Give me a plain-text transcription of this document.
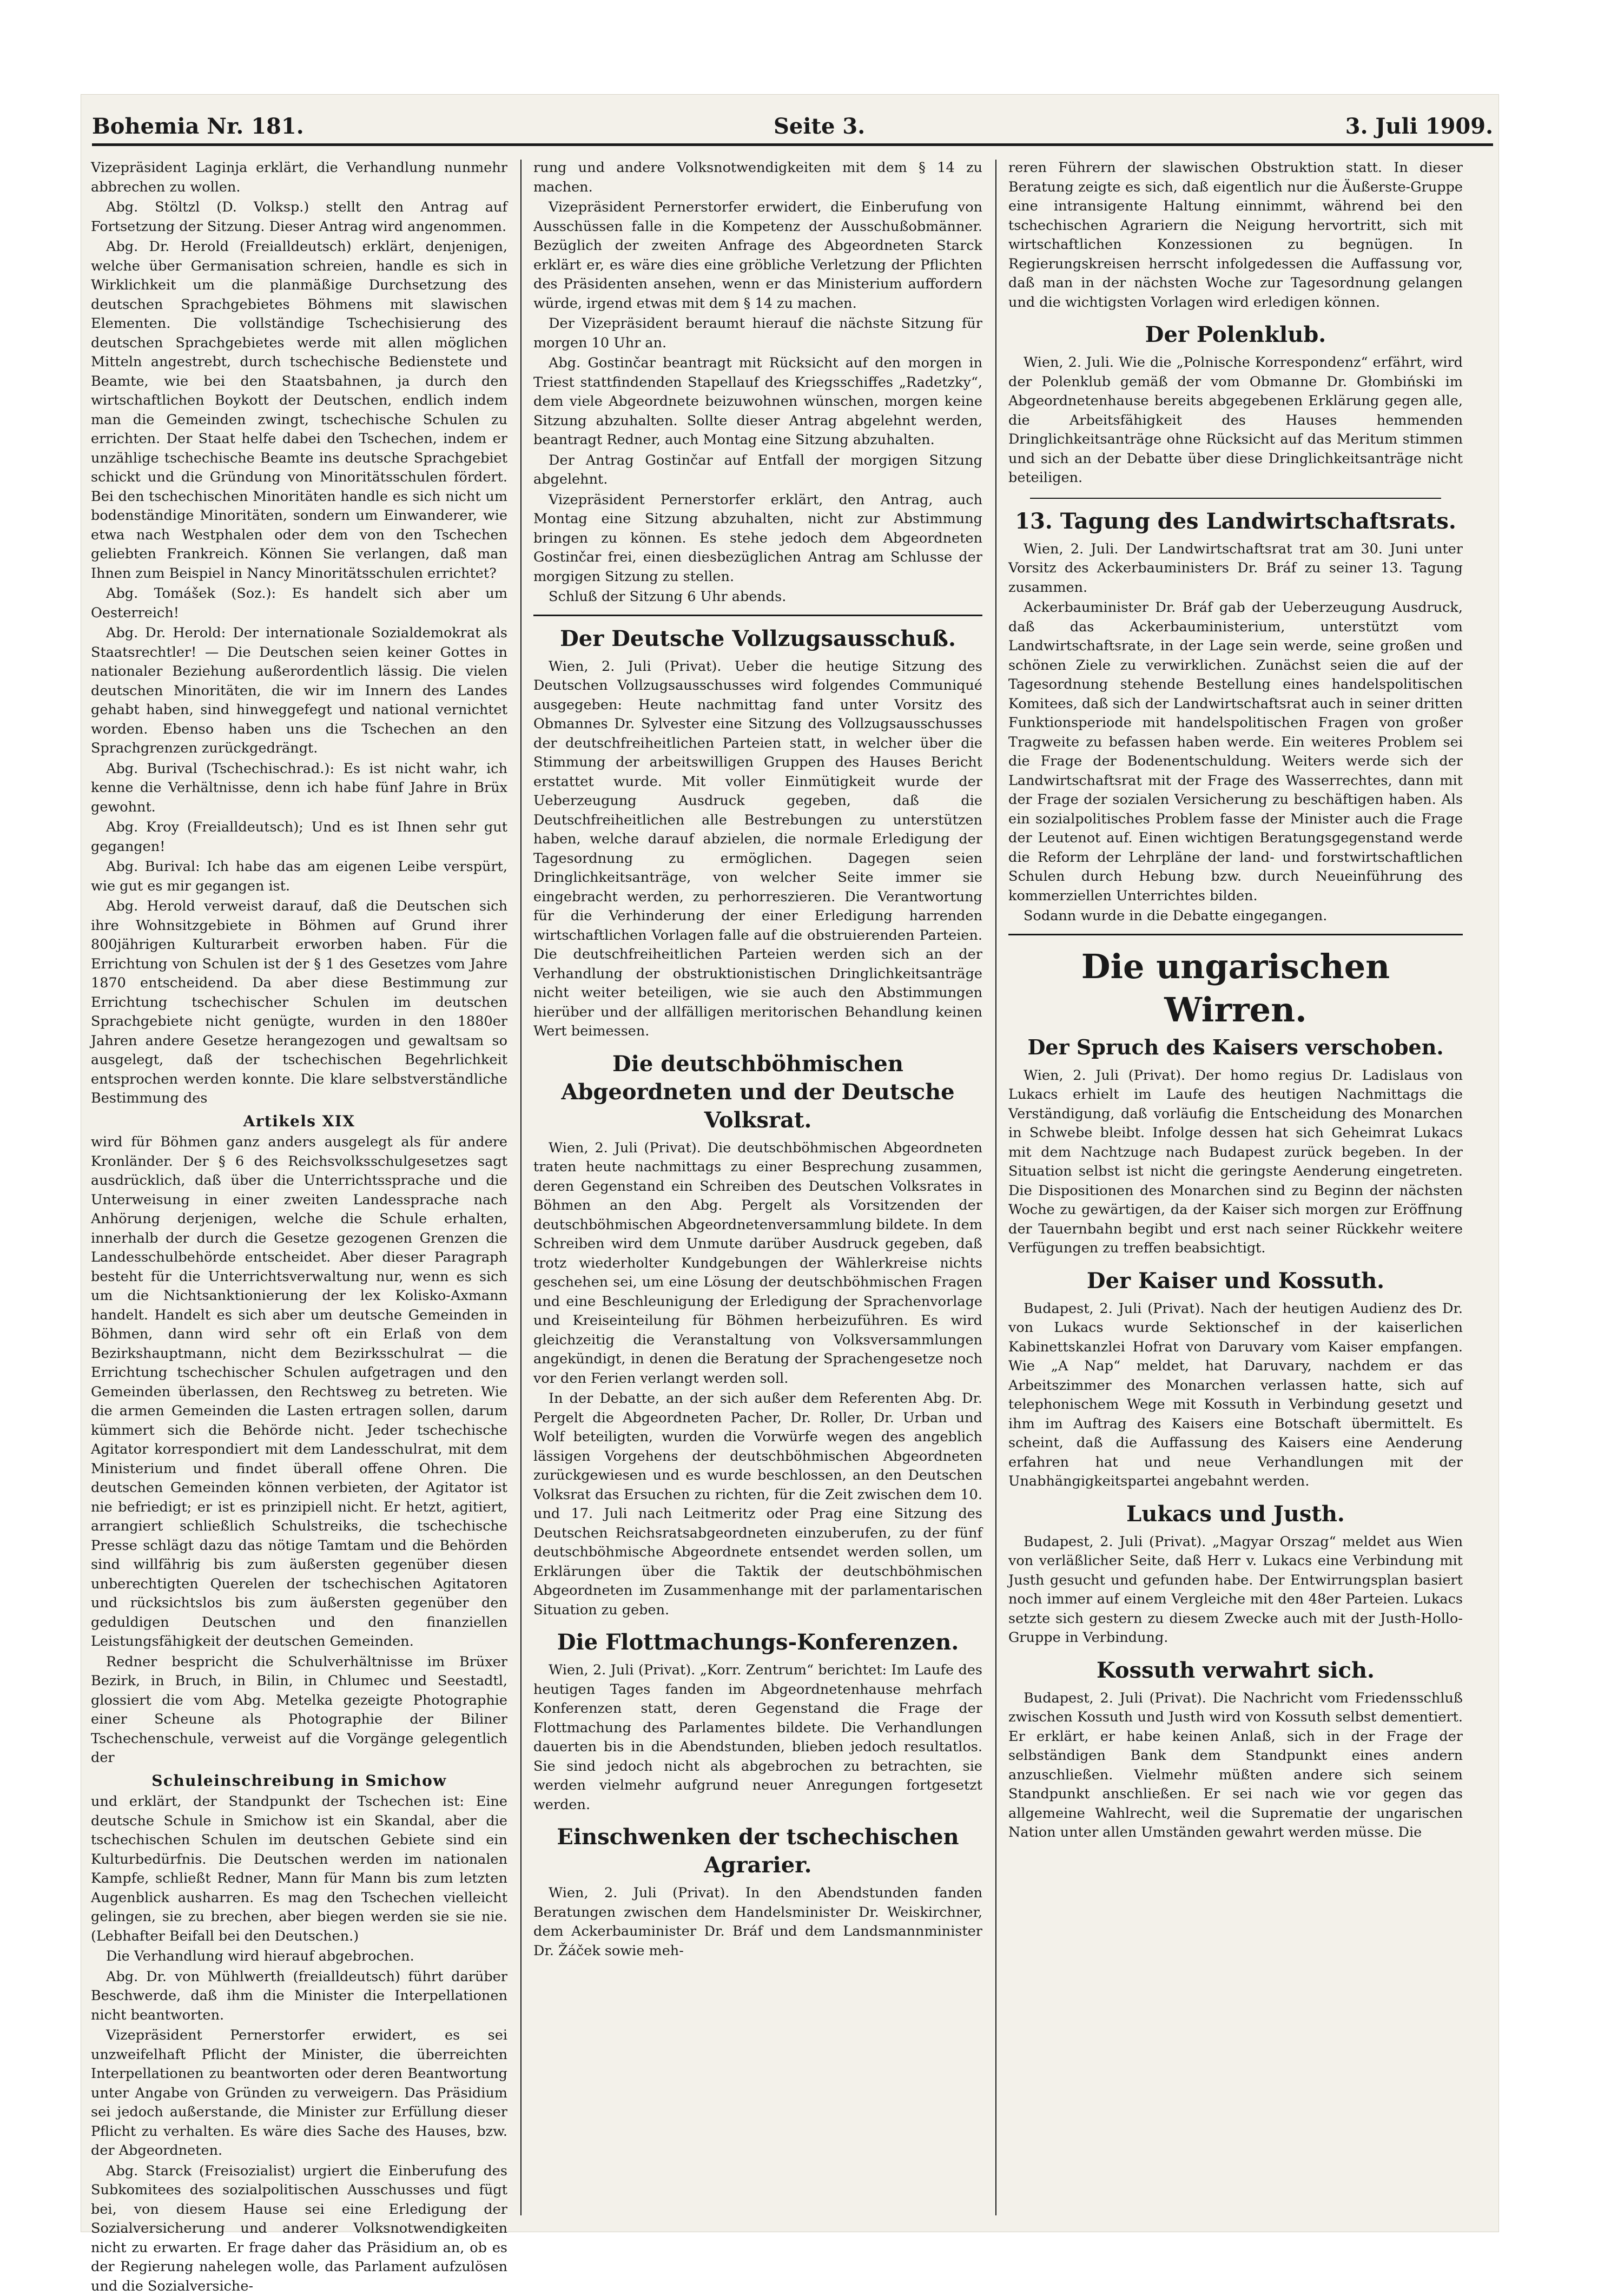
Bohemia Nr. 181.	Seite 3.	3. Juli 1909.

Vizepräsident Laginja erklärt, die Verhandlung nunmehr abbrechen zu wollen.

Abg. Stöltzl (D. Volksp.) stellt den Antrag auf Fortsetzung der Sitzung. Dieser Antrag wird angenommen.

Abg. Dr. Herold (Freialldeutsch) erklärt, denjenigen, welche über Germanisation schreien, handle es sich in Wirklichkeit um die planmäßige Durchsetzung des deutschen Sprachgebietes Böhmens mit slawischen Elementen. Die vollständige Tschechisierung des deutschen Sprachgebietes werde mit allen möglichen Mitteln angestrebt, durch tschechische Bedienstete und Beamte, wie bei den Staatsbahnen, ja durch den wirtschaftlichen Boykott der Deutschen, endlich indem man die Gemeinden zwingt, tschechische Schulen zu errichten. Der Staat helfe dabei den Tschechen, indem er unzählige tschechische Beamte ins deutsche Sprachgebiet schickt und die Gründung von Minoritätsschulen fördert. Bei den tschechischen Minoritäten handle es sich nicht um bodenständige Minoritäten, sondern um Einwanderer, wie etwa nach Westphalen oder dem von den Tschechen geliebten Frankreich. Können Sie verlangen, daß man Ihnen zum Beispiel in Nancy Minoritätsschulen errichtet?

Abg. Tomášek (Soz.): Es handelt sich aber um Oesterreich!

Abg. Dr. Herold: Der internationale Sozialdemokrat als Staatsrechtler! — Die Deutschen seien keiner Gottes in nationaler Beziehung außerordentlich lässig. Die vielen deutschen Minoritäten, die wir im Innern des Landes gehabt haben, sind hinweggefegt und national vernichtet worden. Ebenso haben uns die Tschechen an den Sprachgrenzen zurückgedrängt.

Abg. Burival (Tschechischrad.): Es ist nicht wahr, ich kenne die Verhältnisse, denn ich habe fünf Jahre in Brüx gewohnt.

Abg. Kroy (Freialldeutsch); Und es ist Ihnen sehr gut gegangen!

Abg. Burival: Ich habe das am eigenen Leibe verspürt, wie gut es mir gegangen ist.

Abg. Herold verweist darauf, daß die Deutschen sich ihre Wohnsitzgebiete in Böhmen auf Grund ihrer 800jährigen Kulturarbeit erworben haben. Für die Errichtung von Schulen ist der § 1 des Gesetzes vom Jahre 1870 entscheidend. Da aber diese Bestimmung zur Errichtung tschechischer Schulen im deutschen Sprachgebiete nicht genügte, wurden in den 1880er Jahren andere Gesetze herangezogen und gewaltsam so ausgelegt, daß der tschechischen Begehrlichkeit entsprochen werden konnte. Die klare selbstverständliche Bestimmung des

Artikels XIX

wird für Böhmen ganz anders ausgelegt als für andere Kronländer. Der § 6 des Reichsvolksschulgesetzes sagt ausdrücklich, daß über die Unterrichtssprache und die Unterweisung in einer zweiten Landessprache nach Anhörung derjenigen, welche die Schule erhalten, innerhalb der durch die Gesetze gezogenen Grenzen die Landesschulbehörde entscheidet. Aber dieser Paragraph besteht für die Unterrichtsverwaltung nur, wenn es sich um die Nichtsanktionierung der lex Kolisko-Axmann handelt. Handelt es sich aber um deutsche Gemeinden in Böhmen, dann wird sehr oft ein Erlaß von dem Bezirkshauptmann, nicht dem Bezirksschulrat — die Errichtung tschechischer Schulen aufgetragen und den Gemeinden überlassen, den Rechtsweg zu betreten. Wie die armen Gemeinden die Lasten ertragen sollen, darum kümmert sich die Behörde nicht. Jeder tschechische Agitator korrespondiert mit dem Landesschulrat, mit dem Ministerium und findet überall offene Ohren. Die deutschen Gemeinden können verbieten, der Agitator ist nie befriedigt; er ist es prinzipiell nicht. Er hetzt, agitiert, arrangiert schließlich Schulstreiks, die tschechische Presse schlägt dazu das nötige Tamtam und die Behörden sind willfährig bis zum äußersten gegenüber diesen unberechtigten Querelen der tschechischen Agitatoren und rücksichtslos bis zum äußersten gegenüber den geduldigen Deutschen und den finanziellen Leistungsfähigkeit der deutschen Gemeinden.

Redner bespricht die Schulverhältnisse im Brüxer Bezirk, in Bruch, in Bilin, in Chlumec und Seestadtl, glossiert die vom Abg. Metelka gezeigte Photographie einer Scheune als Photographie der Biliner Tschechenschule, verweist auf die Vorgänge gelegentlich der

Schuleinschreibung in Smichow

und erklärt, der Standpunkt der Tschechen ist: Eine deutsche Schule in Smichow ist ein Skandal, aber die tschechischen Schulen im deutschen Gebiete sind ein Kulturbedürfnis. Die Deutschen werden im nationalen Kampfe, schließt Redner, Mann für Mann bis zum letzten Augenblick ausharren. Es mag den Tschechen vielleicht gelingen, sie zu brechen, aber biegen werden sie sie nie. (Lebhafter Beifall bei den Deutschen.)

Die Verhandlung wird hierauf abgebrochen.

Abg. Dr. von Mühlwerth (freialldeutsch) führt darüber Beschwerde, daß ihm die Minister die Interpellationen nicht beantworten.

Vizepräsident Pernerstorfer erwidert, es sei unzweifelhaft Pflicht der Minister, die überreichten Interpellationen zu beantworten oder deren Beantwortung unter Angabe von Gründen zu verweigern. Das Präsidium sei jedoch außerstande, die Minister zur Erfüllung dieser Pflicht zu verhalten. Es wäre dies Sache des Hauses, bzw. der Abgeordneten.

Abg. Starck (Freisozialist) urgiert die Einberufung des Subkomitees des sozialpolitischen Ausschusses und fügt bei, von diesem Hause sei eine Erledigung der Sozialversicherung und anderer Volksnotwendigkeiten nicht zu erwarten. Er frage daher das Präsidium an, ob es der Regierung nahelegen wolle, das Parlament aufzulösen und die Sozialversiche-

rung und andere Volksnotwendigkeiten mit dem § 14 zu machen.

Vizepräsident Pernerstorfer erwidert, die Einberufung von Ausschüssen falle in die Kompetenz der Ausschußobmänner. Bezüglich der zweiten Anfrage des Abgeordneten Starck erklärt er, es wäre dies eine gröbliche Verletzung der Pflichten des Präsidenten ansehen, wenn er das Ministerium auffordern würde, irgend etwas mit dem § 14 zu machen.

Der Vizepräsident beraumt hierauf die nächste Sitzung für morgen 10 Uhr an.

Abg. Gostinčar beantragt mit Rücksicht auf den morgen in Triest stattfindenden Stapellauf des Kriegsschiffes „Radetzky“, dem viele Abgeordnete beizuwohnen wünschen, morgen keine Sitzung abzuhalten. Sollte dieser Antrag abgelehnt werden, beantragt Redner, auch Montag eine Sitzung abzuhalten.

Der Antrag Gostinčar auf Entfall der morgigen Sitzung abgelehnt.

Vizepräsident Pernerstorfer erklärt, den Antrag, auch Montag eine Sitzung abzuhalten, nicht zur Abstimmung bringen zu können. Es stehe jedoch dem Abgeordneten Gostinčar frei, einen diesbezüglichen Antrag am Schlusse der morgigen Sitzung zu stellen.

Schluß der Sitzung 6 Uhr abends.

Der Deutsche Vollzugsausschuß.

Wien, 2. Juli (Privat). Ueber die heutige Sitzung des Deutschen Vollzugsausschusses wird folgendes Communiqué ausgegeben: Heute nachmittag fand unter Vorsitz des Obmannes Dr. Sylvester eine Sitzung des Vollzugsausschusses der deutschfreiheitlichen Parteien statt, in welcher über die Stimmung der arbeitswilligen Gruppen des Hauses Bericht erstattet wurde. Mit voller Einmütigkeit wurde der Ueberzeugung Ausdruck gegeben, daß die Deutschfreiheitlichen alle Bestrebungen zu unterstützen haben, welche darauf abzielen, die normale Erledigung der Tagesordnung zu ermöglichen. Dagegen seien Dringlichkeitsanträge, von welcher Seite immer sie eingebracht werden, zu perhorreszieren. Die Verantwortung für die Verhinderung der einer Erledigung harrenden wirtschaftlichen Vorlagen falle auf die obstruierenden Parteien. Die deutschfreiheitlichen Parteien werden sich an der Verhandlung der obstruktionistischen Dringlichkeitsanträge nicht weiter beteiligen, wie sie auch den Abstimmungen hierüber und der allfälligen meritorischen Behandlung keinen Wert beimessen.

Die deutschböhmischen Abgeordneten und der Deutsche Volksrat.

Wien, 2. Juli (Privat). Die deutschböhmischen Abgeordneten traten heute nachmittags zu einer Besprechung zusammen, deren Gegenstand ein Schreiben des Deutschen Volksrates in Böhmen an den Abg. Pergelt als Vorsitzenden der deutschböhmischen Abgeordnetenversammlung bildete. In dem Schreiben wird dem Unmute darüber Ausdruck gegeben, daß trotz wiederholter Kundgebungen der Wählerkreise nichts geschehen sei, um eine Lösung der deutschböhmischen Fragen und eine Beschleunigung der Erledigung der Sprachenvorlage und Kreiseinteilung für Böhmen herbeizuführen. Es wird gleichzeitig die Veranstaltung von Volksversammlungen angekündigt, in denen die Beratung der Sprachengesetze noch vor den Ferien verlangt werden soll.

In der Debatte, an der sich außer dem Referenten Abg. Dr. Pergelt die Abgeordneten Pacher, Dr. Roller, Dr. Urban und Wolf beteiligten, wurden die Vorwürfe wegen des angeblich lässigen Vorgehens der deutschböhmischen Abgeordneten zurückgewiesen und es wurde beschlossen, an den Deutschen Volksrat das Ersuchen zu richten, für die Zeit zwischen dem 10. und 17. Juli nach Leitmeritz oder Prag eine Sitzung des Deutschen Reichsratsabgeordneten einzuberufen, zu der fünf deutschböhmische Abgeordnete entsendet werden sollen, um Erklärungen über die Taktik der deutschböhmischen Abgeordneten im Zusammenhange mit der parlamentarischen Situation zu geben.

Die Flottmachungs-Konferenzen.

Wien, 2. Juli (Privat). „Korr. Zentrum“ berichtet: Im Laufe des heutigen Tages fanden im Abgeordnetenhause mehrfach Konferenzen statt, deren Gegenstand die Frage der Flottmachung des Parlamentes bildete. Die Verhandlungen dauerten bis in die Abendstunden, blieben jedoch resultatlos. Sie sind jedoch nicht als abgebrochen zu betrachten, sie werden vielmehr aufgrund neuer Anregungen fortgesetzt werden.

Einschwenken der tschechischen Agrarier.

Wien, 2. Juli (Privat). In den Abendstunden fanden Beratungen zwischen dem Handelsminister Dr. Weiskirchner, dem Ackerbauminister Dr. Bráf und dem Landsmannminister Dr. Žáček sowie meh-

reren Führern der slawischen Obstruktion statt. In dieser Beratung zeigte es sich, daß eigentlich nur die Äußerste-Gruppe eine intransigente Haltung einnimmt, während bei den tschechischen Agrariern die Neigung hervortritt, sich mit wirtschaftlichen Konzessionen zu begnügen. In Regierungskreisen herrscht infolgedessen die Auffassung vor, daß man in der nächsten Woche zur Tagesordnung gelangen und die wichtigsten Vorlagen wird erledigen können.

Der Polenklub.

Wien, 2. Juli. Wie die „Polnische Korrespondenz“ erfährt, wird der Polenklub gemäß der vom Obmanne Dr. Głombiński im Abgeordnetenhause bereits abgegebenen Erklärung gegen alle, die Arbeitsfähigkeit des Hauses hemmenden Dringlichkeitsanträge ohne Rücksicht auf das Meritum stimmen und sich an der Debatte über diese Dringlichkeitsanträge nicht beteiligen.

13. Tagung des Landwirtschaftsrats.

Wien, 2. Juli. Der Landwirtschaftsrat trat am 30. Juni unter Vorsitz des Ackerbauministers Dr. Bráf zu seiner 13. Tagung zusammen.

Ackerbauminister Dr. Bráf gab der Ueberzeugung Ausdruck, daß das Ackerbauministerium, unterstützt vom Landwirtschaftsrate, in der Lage sein werde, seine großen und schönen Ziele zu verwirklichen. Zunächst seien die auf der Tagesordnung stehende Bestellung eines handelspolitischen Komitees, daß sich der Landwirtschaftsrat auch in seiner dritten Funktionsperiode mit handelspolitischen Fragen von großer Tragweite zu befassen haben werde. Ein weiteres Problem sei die Frage der Bodenentschuldung. Weiters werde sich der Landwirtschaftsrat mit der Frage des Wasserrechtes, dann mit der Frage der sozialen Versicherung zu beschäftigen haben. Als ein sozialpolitisches Problem fasse der Minister auch die Frage der Leutenot auf. Einen wichtigen Beratungsgegenstand werde die Reform der Lehrpläne der land- und forstwirtschaftlichen Schulen durch Hebung bzw. durch Neueinführung des kommerziellen Unterrichtes bilden.

Sodann wurde in die Debatte eingegangen.

Die ungarischen Wirren.
Der Spruch des Kaisers verschoben.

Wien, 2. Juli (Privat). Der homo regius Dr. Ladislaus von Lukacs erhielt im Laufe des heutigen Nachmittags die Verständigung, daß vorläufig die Entscheidung des Monarchen in Schwebe bleibt. Infolge dessen hat sich Geheimrat Lukacs mit dem Nachtzuge nach Budapest zurück begeben. In der Situation selbst ist nicht die geringste Aenderung eingetreten. Die Dispositionen des Monarchen sind zu Beginn der nächsten Woche zu gewärtigen, da der Kaiser sich morgen zur Eröffnung der Tauernbahn begibt und erst nach seiner Rückkehr weitere Verfügungen zu treffen beabsichtigt.

Der Kaiser und Kossuth.

Budapest, 2. Juli (Privat). Nach der heutigen Audienz des Dr. von Lukacs wurde Sektionschef in der kaiserlichen Kabinettskanzlei Hofrat von Daruvary vom Kaiser empfangen. Wie „A Nap“ meldet, hat Daruvary, nachdem er das Arbeitszimmer des Monarchen verlassen hatte, sich auf telephonischem Wege mit Kossuth in Verbindung gesetzt und ihm im Auftrag des Kaisers eine Botschaft übermittelt. Es scheint, daß die Auffassung des Kaisers eine Aenderung erfahren hat und neue Verhandlungen mit der Unabhängigkeitspartei angebahnt werden.

Lukacs und Justh.

Budapest, 2. Juli (Privat). „Magyar Orszag“ meldet aus Wien von verläßlicher Seite, daß Herr v. Lukacs eine Verbindung mit Justh gesucht und gefunden habe. Der Entwirrungsplan basiert noch immer auf einem Vergleiche mit den 48er Parteien. Lukacs setzte sich gestern zu diesem Zwecke auch mit der Justh-Hollo-Gruppe in Verbindung.

Kossuth verwahrt sich.

Budapest, 2. Juli (Privat). Die Nachricht vom Friedensschluß zwischen Kossuth und Justh wird von Kossuth selbst dementiert. Er erklärt, er habe keinen Anlaß, sich in der Frage der selbständigen Bank dem Standpunkt eines andern anzuschließen. Vielmehr müßten andere sich seinem Standpunkt anschließen. Er sei nach wie vor gegen das allgemeine Wahlrecht, weil die Suprematie der ungarischen Nation unter allen Umständen gewahrt werden müsse. Die
